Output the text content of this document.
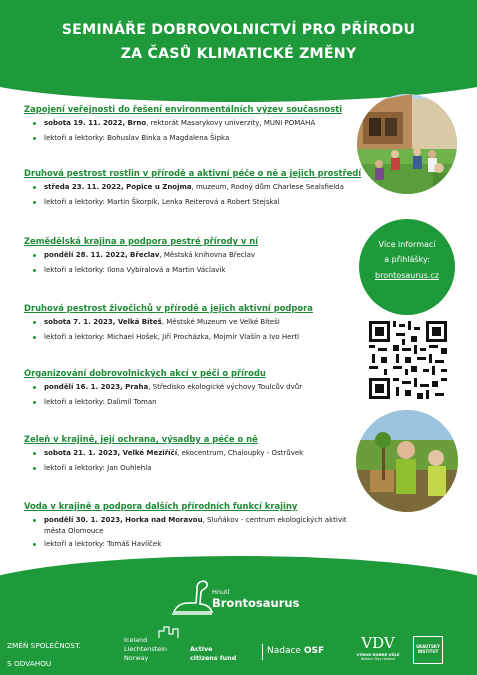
SEMINÁŘE DOBROVOLNICTVÍ PRO PŘÍRODU
ZA ČASŮ KLIMATICKÉ ZMĚNY
Zapojení veřejnosti do řešení environmentálních výzev současnosti
sobota 19. 11. 2022, Brno, rektorát Masarykovy univerzity, MUNI POMÁHÁ
lektoři a lektorky: Bohuslav Binka a Magdalena Šipka
Druhová pestrost rostlin v přírodě a aktivní péče o ně a jejich prostředí
středa 23. 11. 2022, Popice u Znojma, muzeum, Rodný dům Charlese Sealsfielda
lektoři a lektorky: Martin Škorpík, Lenka Reiterová a Robert Stejskal
Zemědělská krajina a podpora pestré přírody v ní
pondělí 28. 11. 2022, Břeclav, Městská knihovna Břeclav
lektoři a lektorky: Ilona Vybíralová a Martin Václavík
Druhová pestrost živočichů v přírodě a jejich aktivní podpora
sobota 7. 1. 2023, Velká Bíteš, Městské Muzeum ve Velké Bíteši
lektoři a lektorky: Michael Hošek, Jiří Procházka, Mojmír Vlašín a Ivo Hertl
Organizování dobrovolnických akcí v péči o přírodu
pondělí 16. 1. 2023, Praha, Středisko ekologické výchovy Toulcův dvůr
lektoři a lektorky: Dalimil Toman
Zeleň v krajině, její ochrana, výsadby a péče o ně
sobota 21. 1. 2023, Velké Meziříčí, ekocentrum, Chaloupky - Ostrůvek
lektoři a lektorky: Jan Ouhlehla
Voda v krajině a podpora dalších přírodních funkcí krajiny
pondělí 30. 1. 2023, Horka nad Moravou, Sluňákov - centrum ekologických aktivit
města Olomouce
lektoři a lektorky: Tomáš Havlíček
Více informací
a přihlášky:
brontosaurus.cz
Hnutí
Brontosaurus
ZMĚŇ SPOLEČNOST.
S ODVAHOU
Iceland
Liechtenstein
Norway
Active
citizens fund
Nadace OSF	VDV
VÝBOR DOBRÉ VŮLE
Nadace Olgy Havlové
SKAUTSKÝ
INSTITUT
